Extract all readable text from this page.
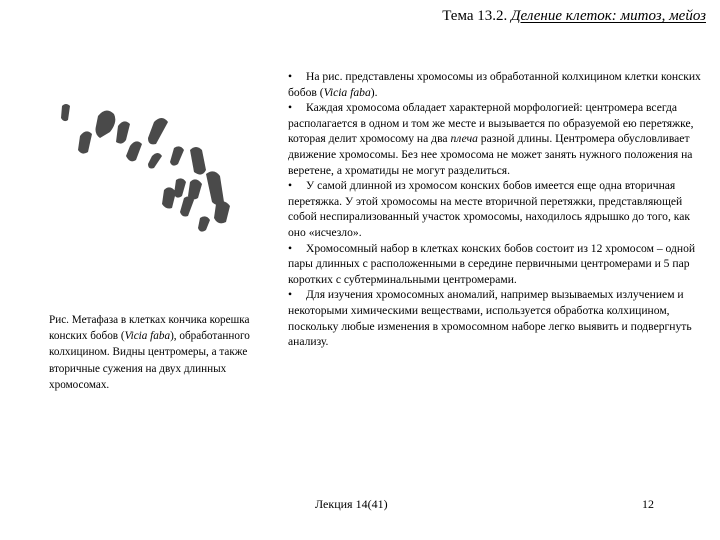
Тема 13.2. Деление клеток: митоз, мейоз
Рис. Метафаза в клетках кончика корешка конских бобов (Vicia faba), обработанного колхицином. Видны центромеры, а также вторичные сужения на двух длинных хромосомах.

• На рис. представлены хромосомы из обработанной колхицином клетки конских бобов (Vicia faba).

• Каждая хромосома обладает характерной морфологией: центромера всегда располагается в одном и том же месте и вызывается по образуемой ею перетяжке, которая делит хромосому на два плеча разной длины. Центромера обусловливает движение хромосомы. Без нее хромосома не может занять нужного положения на веретене, а хроматиды не могут разделиться.

• У самой длинной из хромосом конских бобов имеется еще одна вторичная перетяжка. У этой хромосомы на месте вторичной перетяжки, представляющей собой неспирализованный участок хромосомы, находилось ядрышко до того, как оно «исчезло».

• Хромосомный набор в клетках конских бобов состоит из 12 хромосом – одной пары длинных с расположенными в середине первичными центромерами и 5 пар коротких с субтерминальными центромерами.

• Для изучения хромосомных аномалий, например вызываемых излучением и некоторыми химическими веществами, используется обработка колхицином, поскольку любые изменения в хромосомном наборе легко выявить и подвергнуть анализу.

Лекция 14(41)	12
